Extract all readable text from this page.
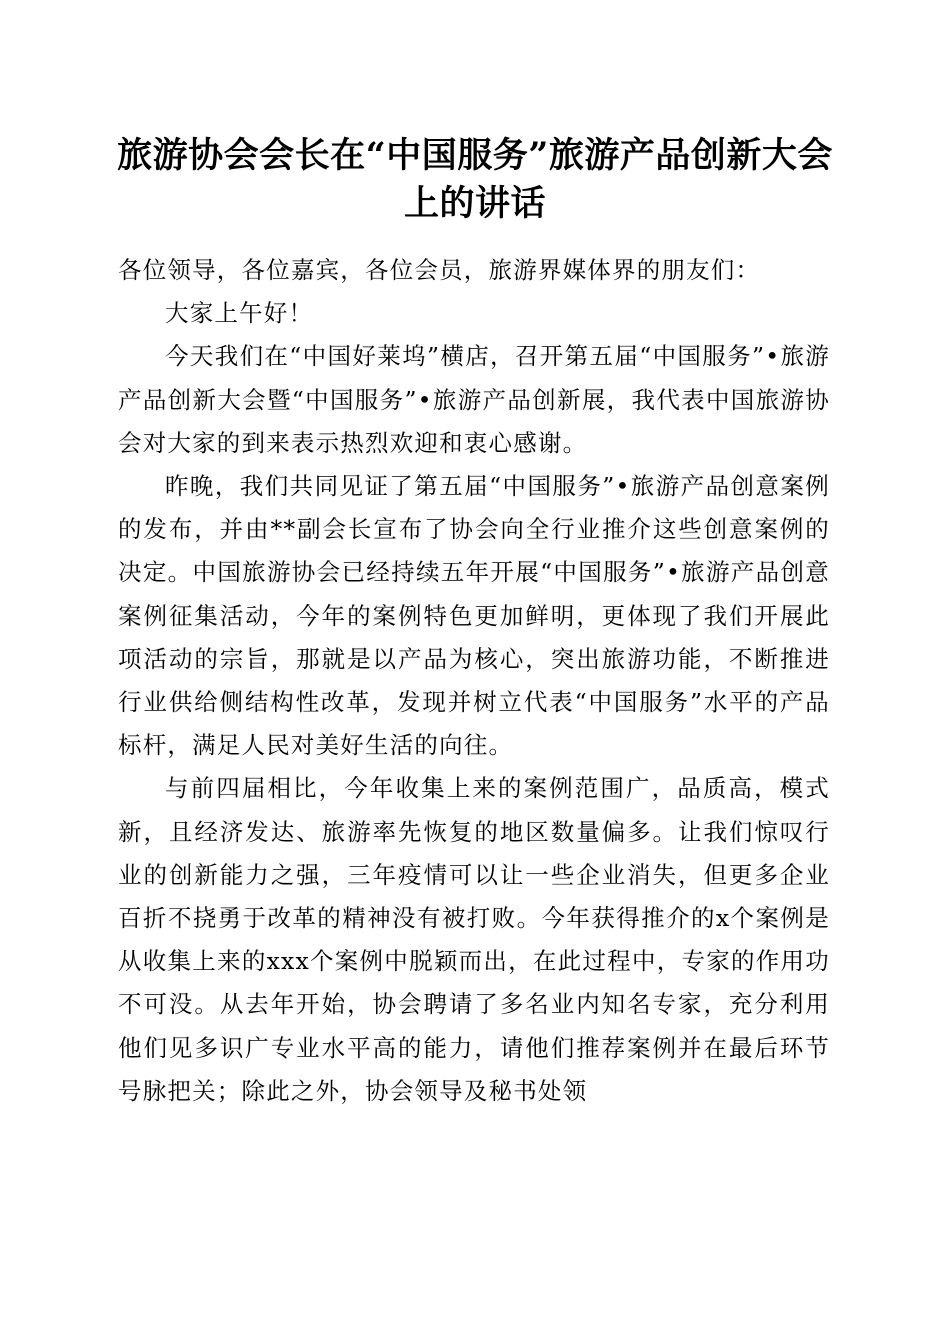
旅游协会会长在“中国服务”旅游产品创新大会上的讲话

各位领导，各位嘉宾，各位会员，旅游界媒体界的朋友们：

大家上午好！

今天我们在“中国好莱坞”横店，召开第五届“中国服务”•旅游产品创新大会暨“中国服务”•旅游产品创新展，我代表中国旅游协会对大家的到来表示热烈欢迎和衷心感谢。

昨晚，我们共同见证了第五届“中国服务”•旅游产品创意案例的发布，并由**副会长宣布了协会向全行业推介这些创意案例的决定。中国旅游协会已经持续五年开展“中国服务”•旅游产品创意案例征集活动，今年的案例特色更加鲜明，更体现了我们开展此项活动的宗旨，那就是以产品为核心，突出旅游功能，不断推进行业供给侧结构性改革，发现并树立代表“中国服务”水平的产品标杆，满足人民对美好生活的向往。

与前四届相比，今年收集上来的案例范围广，品质高，模式新，且经济发达、旅游率先恢复的地区数量偏多。让我们惊叹行业的创新能力之强，三年疫情可以让一些企业消失，但更多企业百折不挠勇于改革的精神没有被打败。今年获得推介的x个案例是从收集上来的xxx个案例中脱颖而出，在此过程中，专家的作用功不可没。从去年开始，协会聘请了多名业内知名专家，充分利用他们见多识广专业水平高的能力，请他们推荐案例并在最后环节号脉把关；除此之外，协会领导及秘书处领
